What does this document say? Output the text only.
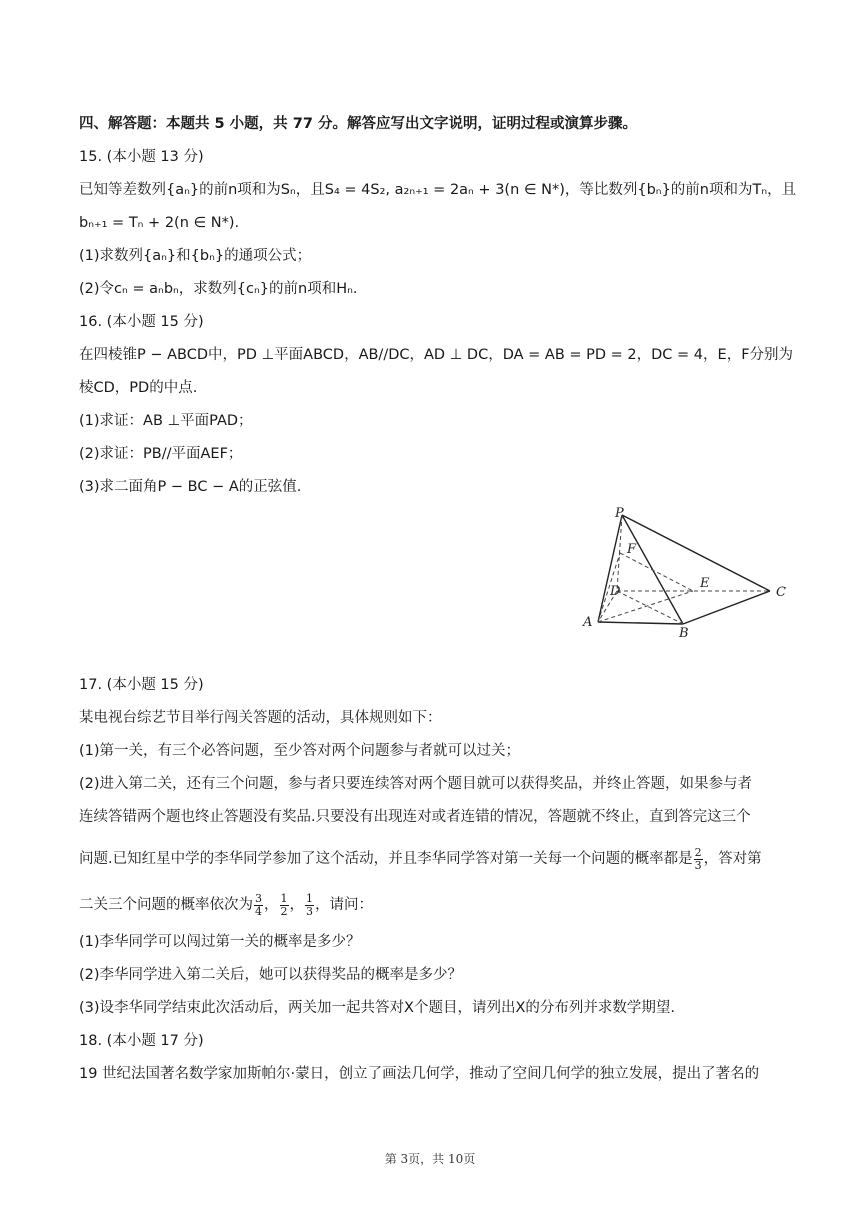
四、解答题：本题共 5 小题，共 77 分。解答应写出文字说明，证明过程或演算步骤。
15. (本小题 13 分)
已知等差数列{aₙ}的前n项和为Sₙ，且S₄ = 4S₂, a₂ₙ₊₁ = 2aₙ + 3(n ∈ N*)，等比数列{bₙ}的前n项和为Tₙ，且
bₙ₊₁ = Tₙ + 2(n ∈ N*).
(1)求数列{aₙ}和{bₙ}的通项公式；
(2)令cₙ = aₙbₙ，求数列{cₙ}的前n项和Hₙ.
16. (本小题 15 分)
在四棱锥P − ABCD中，PD ⊥平面ABCD，AB//DC，AD ⊥ DC，DA = AB = PD = 2，DC = 4，E，F分别为
棱CD，PD的中点.
(1)求证：AB ⊥平面PAD；
(2)求证：PB//平面AEF；
(3)求二面角P − BC − A的正弦值.
17. (本小题 15 分)
某电视台综艺节目举行闯关答题的活动，具体规则如下：
(1)第一关，有三个必答问题，至少答对两个问题参与者就可以过关；
(2)进入第二关，还有三个问题，参与者只要连续答对两个题目就可以获得奖品，并终止答题，如果参与者
连续答错两个题也终止答题没有奖品.只要没有出现连对或者连错的情况，答题就不终止，直到答完这三个
问题.已知红星中学的李华同学参加了这个活动，并且李华同学答对第一关每一个问题的概率都是 $\frac{2}{3}$ ，答对第
二关三个问题的概率依次为 $\frac{3}{4}$ ， $\frac{1}{2}$ ， $\frac{1}{3}$ ，请问：
(1)李华同学可以闯过第一关的概率是多少？
(2)李华同学进入第二关后，她可以获得奖品的概率是多少？
(3)设李华同学结束此次活动后，两关加一起共答对X个题目，请列出X的分布列并求数学期望.
18. (本小题 17 分)
19 世纪法国著名数学家加斯帕尔·蒙日，创立了画法几何学，推动了空间几何学的独立发展，提出了著名的
P
F
D
E
C
A
B
第 3页，共 10页
